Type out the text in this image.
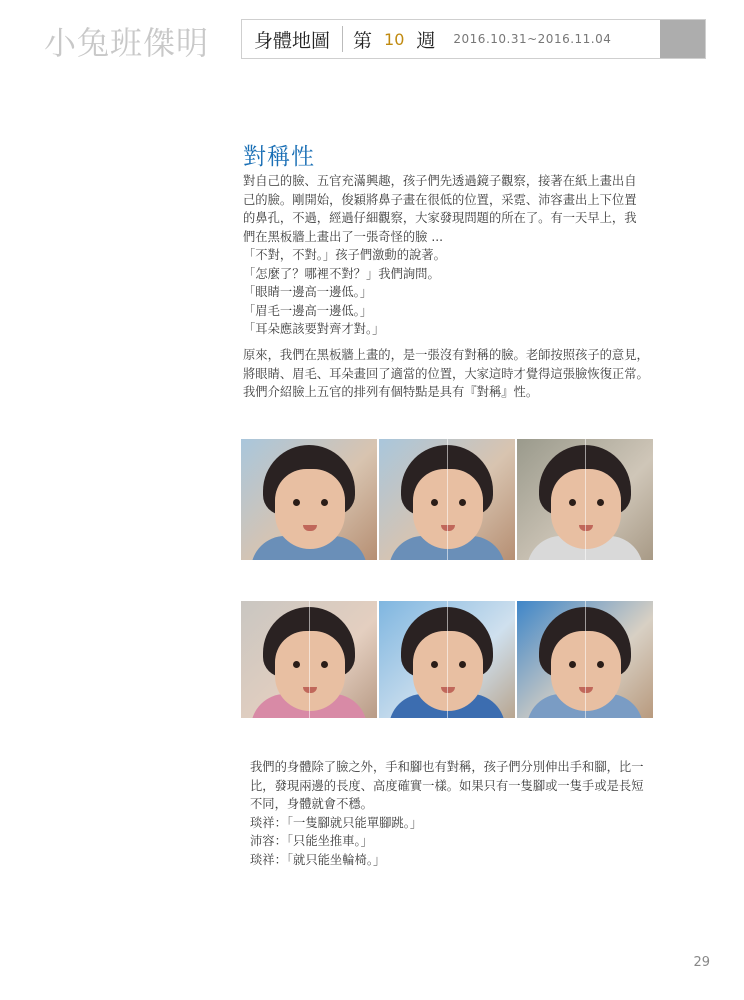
小兔班傑明 身體地圖 第 10 週 2016.10.31~2016.11.04
對稱性

對自己的臉、五官充滿興趣，孩子們先透過鏡子觀察，接著在紙上畫出自
己的臉。剛開始，俊穎將鼻子畫在很低的位置，采霓、沛容畫出上下位置
的鼻孔，不過，經過仔細觀察，大家發現問題的所在了。有一天早上，我
們在黑板牆上畫出了一張奇怪的臉 ...
「不對，不對。」孩子們激動的說著。
「怎麼了？哪裡不對？」我們詢問。
「眼睛一邊高一邊低。」
「眉毛一邊高一邊低。」
「耳朵應該要對齊才對。」

原來，我們在黑板牆上畫的，是一張沒有對稱的臉。老師按照孩子的意見，
將眼睛、眉毛、耳朵畫回了適當的位置，大家這時才覺得這張臉恢復正常。
我們介紹臉上五官的排列有個特點是具有『對稱』性。

我們的身體除了臉之外，手和腳也有對稱，孩子們分別伸出手和腳，比一
比，發現兩邊的長度、高度確實一樣。如果只有一隻腳或一隻手或是長短
不同，身體就會不穩。
琰祥：「一隻腳就只能單腳跳。」
沛容：「只能坐推車。」
琰祥：「就只能坐輪椅。」

29
